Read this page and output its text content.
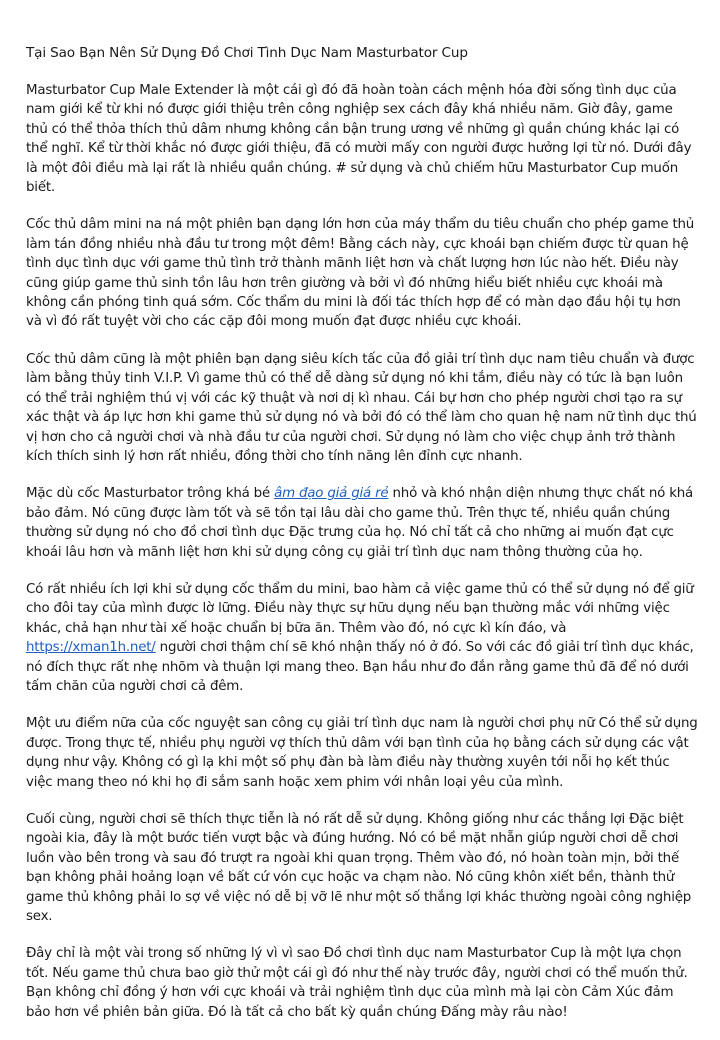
Tại Sao Bạn Nên Sử Dụng Đồ Chơi Tình Dục Nam Masturbator Cup

Masturbator Cup Male Extender là một cái gì đó đã hoàn toàn cách mệnh hóa đời sống tình dục của nam giới kể từ khi nó được giới thiệu trên công nghiệp sex cách đây khá nhiều năm. Giờ đây, game thủ có thể thỏa thích thủ dâm nhưng không cần bận trung ương về những gì quần chúng khác lại có thể nghĩ. Kể từ thời khắc nó được giới thiệu, đã có mười mấy con người được hưởng lợi từ nó. Dưới đây là một đôi điều mà lại rất là nhiều quần chúng. # sử dụng và chủ chiếm hữu Masturbator Cup muốn biết.

Cốc thủ dâm mini na ná một phiên bạn dạng lớn hơn của máy thẩm du tiêu chuẩn cho phép game thủ làm tán đồng nhiều nhà đầu tư trong một đêm! Bằng cách này, cực khoái bạn chiếm được từ quan hệ tình dục tình dục với game thủ tình trở thành mãnh liệt hơn và chất lượng hơn lúc nào hết. Điều này cũng giúp game thủ sinh tồn lâu hơn trên giường và bởi vì đó những hiểu biết nhiều cực khoái mà không cần phóng tinh quá sớm. Cốc thẩm du mini là đối tác thích hợp để có màn dạo đầu hội tụ hơn và vì đó rất tuyệt vời cho các cặp đôi mong muốn đạt được nhiều cực khoái.

Cốc thủ dâm cũng là một phiên bạn dạng siêu kích tấc của đồ giải trí tình dục nam tiêu chuẩn và được làm bằng thủy tinh V.I.P. Vì game thủ có thể dễ dàng sử dụng nó khi tắm, điều này có tức là bạn luôn có thể trải nghiệm thú vị với các kỹ thuật và nơi dị kì nhau. Cái bự hơn cho phép người chơi tạo ra sự xác thật và áp lực hơn khi game thủ sử dụng nó và bởi đó có thể làm cho quan hệ nam nữ tình dục thú vị hơn cho cả người chơi và nhà đầu tư của người chơi. Sử dụng nó làm cho việc chụp ảnh trở thành kích thích sinh lý hơn rất nhiều, đồng thời cho tính năng lên đỉnh cực nhanh.

Mặc dù cốc Masturbator trông khá bé âm đạo giả giá rẻ nhỏ và khó nhận diện nhưng thực chất nó khá bảo đảm. Nó cũng được làm tốt và sẽ tồn tại lâu dài cho game thủ. Trên thực tế, nhiều quần chúng thường sử dụng nó cho đồ chơi tình dục Đặc trưng của họ. Nó chỉ tất cả cho những ai muốn đạt cực khoái lâu hơn và mãnh liệt hơn khi sử dụng công cụ giải trí tình dục nam thông thường của họ.

Có rất nhiều ích lợi khi sử dụng cốc thẩm du mini, bao hàm cả việc game thủ có thể sử dụng nó để giữ cho đôi tay của mình được lờ lững. Điều này thực sự hữu dụng nếu bạn thường mắc với những việc khác, chả hạn như tài xế hoặc chuẩn bị bữa ăn. Thêm vào đó, nó cực kì kín đáo, và https://xman1h.net/ người chơi thậm chí sẽ khó nhận thấy nó ở đó. So với các đồ giải trí tình dục khác, nó đích thực rất nhẹ nhõm và thuận lợi mang theo. Bạn hầu như đo đắn rằng game thủ đã để nó dưới tấm chăn của người chơi cả đêm.

Một ưu điểm nữa của cốc nguyệt san công cụ giải trí tình dục nam là người chơi phụ nữ Có thể sử dụng được. Trong thực tế, nhiều phụ người vợ thích thủ dâm với bạn tình của họ bằng cách sử dụng các vật dụng như vậy. Không có gì lạ khi một số phụ đàn bà làm điều này thường xuyên tới nỗi họ kết thúc việc mang theo nó khi họ đi sắm sanh hoặc xem phim với nhân loại yêu của mình.

Cuối cùng, người chơi sẽ thích thực tiễn là nó rất dễ sử dụng. Không giống như các thắng lợi Đặc biệt ngoài kia, đây là một bước tiến vượt bậc và đúng hướng. Nó có bề mặt nhẵn giúp người chơi dễ chơi luồn vào bên trong và sau đó trượt ra ngoài khi quan trọng. Thêm vào đó, nó hoàn toàn mịn, bởi thế bạn không phải hoảng loạn về bất cứ vón cục hoặc va chạm nào. Nó cũng khôn xiết bền, thành thử game thủ không phải lo sợ về việc nó dễ bị vỡ lẽ như một số thắng lợi khác thường ngoài công nghiệp sex.

Đây chỉ là một vài trong số những lý vì vì sao Đồ chơi tình dục nam Masturbator Cup là một lựa chọn tốt. Nếu game thủ chưa bao giờ thử một cái gì đó như thế này trước đây, người chơi có thể muốn thử. Bạn không chỉ đồng ý hơn với cực khoái và trải nghiệm tình dục của mình mà lại còn Cảm Xúc đảm bảo hơn về phiên bản giữa. Đó là tất cả cho bất kỳ quần chúng Đấng mày râu nào!
